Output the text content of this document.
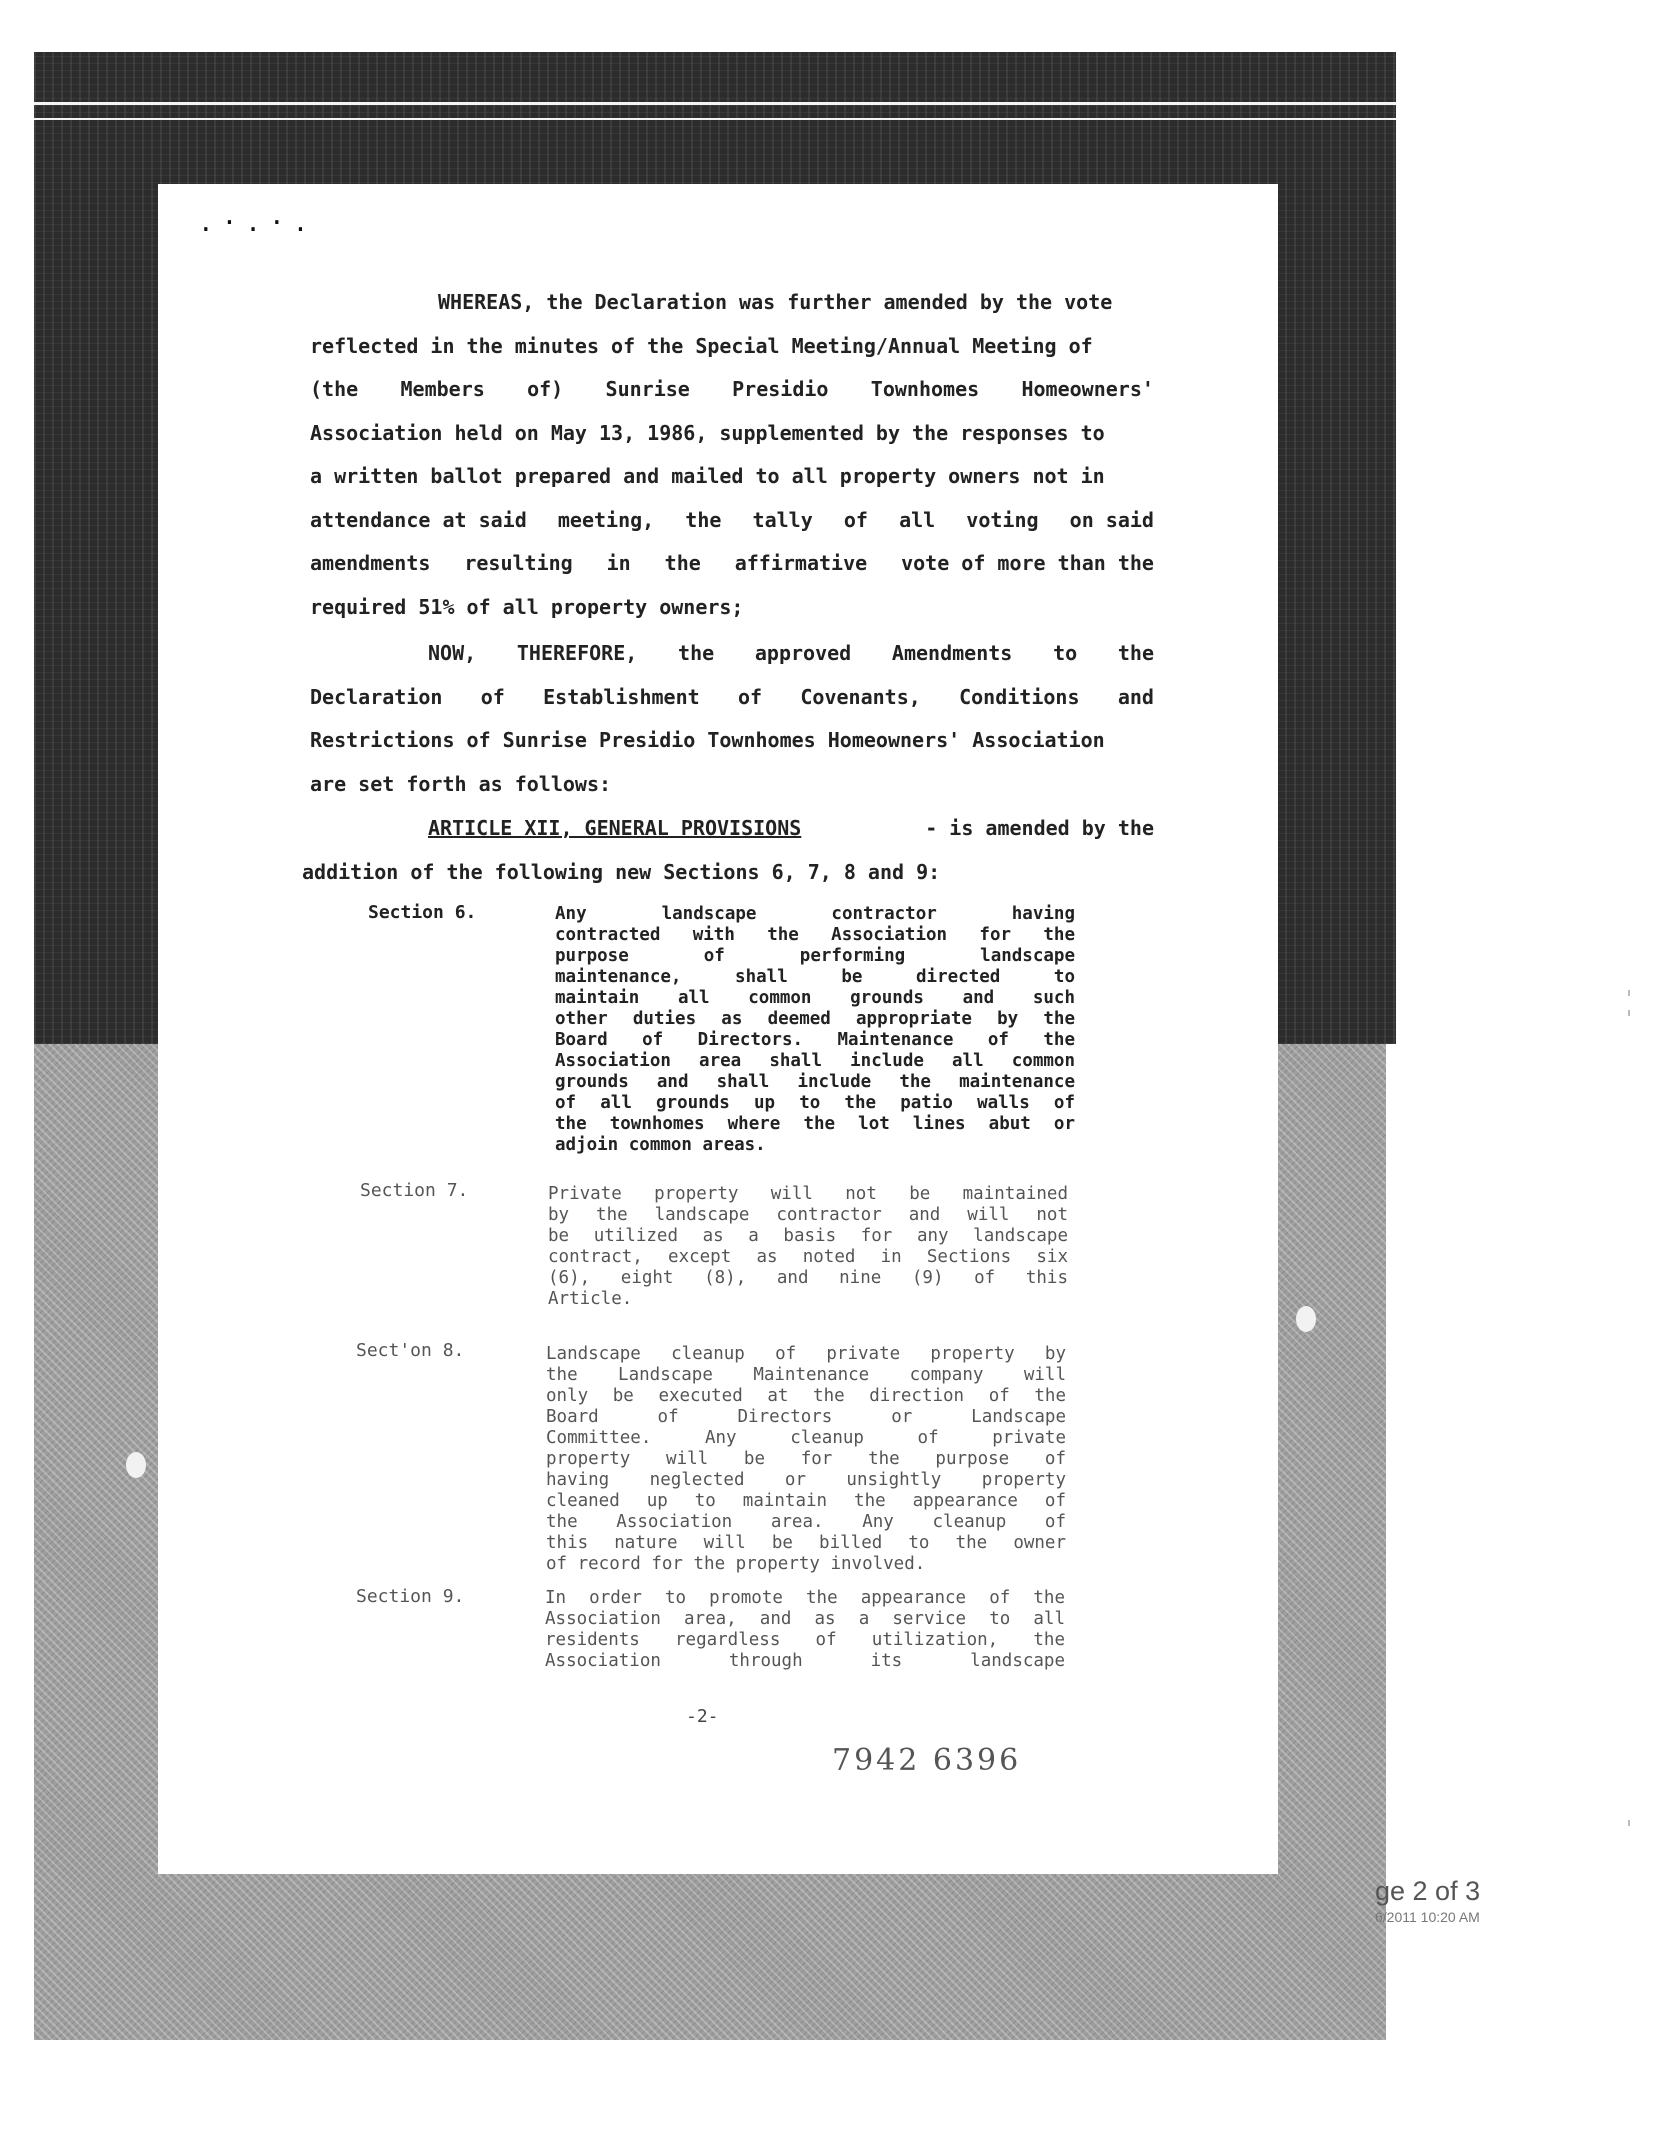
.·.·.
WHEREAS, the Declaration was further amended by the vote
reflected in the minutes of the Special Meeting/Annual Meeting of
(the Members of) Sunrise Presidio Townhomes Homeowners'
Association held on May 13, 1986, supplemented by the responses to
a written ballot prepared and mailed to all property owners not in
attendance at said meeting, the tally of all voting on said
amendments resulting in the affirmative vote of more than the
required 51% of all property owners;
NOW, THEREFORE, the approved Amendments to the
Declaration of Establishment of Covenants, Conditions and
Restrictions of Sunrise Presidio Townhomes Homeowners' Association
are set forth as follows:
ARTICLE XII, GENERAL PROVISIONS	- is amended by the
addition of the following new Sections 6, 7, 8 and 9:
Section 6.	Any landscape contractor having
contracted with the Association for the
purpose of performing landscape
maintenance, shall be directed to
maintain all common grounds and such
other duties as deemed appropriate by the
Board of Directors. Maintenance of the
Association area shall include all common
grounds and shall include the maintenance
of all grounds up to the patio walls of
the townhomes where the lot lines abut or
adjoin common areas.
Section 7.	Private property will not be maintained
by the landscape contractor and will not
be utilized as a basis for any landscape
contract, except as noted in Sections six
(6), eight (8), and nine (9) of this
Article.
Sect'on 8.	Landscape cleanup of private property by
the Landscape Maintenance company will
only be executed at the direction of the
Board of Directors or Landscape
Committee. Any cleanup of private
property will be for the purpose of
having neglected or unsightly property
cleaned up to maintain the appearance of
the Association area. Any cleanup of
this nature will be billed to the owner
of record for the property involved.
Section 9.	In order to promote the appearance of the
Association area, and as a service to all
residents regardless of utilization, the
Association through its landscape
-2-
7942 6396
ge 2 of 3
6/2011 10:20 AM
